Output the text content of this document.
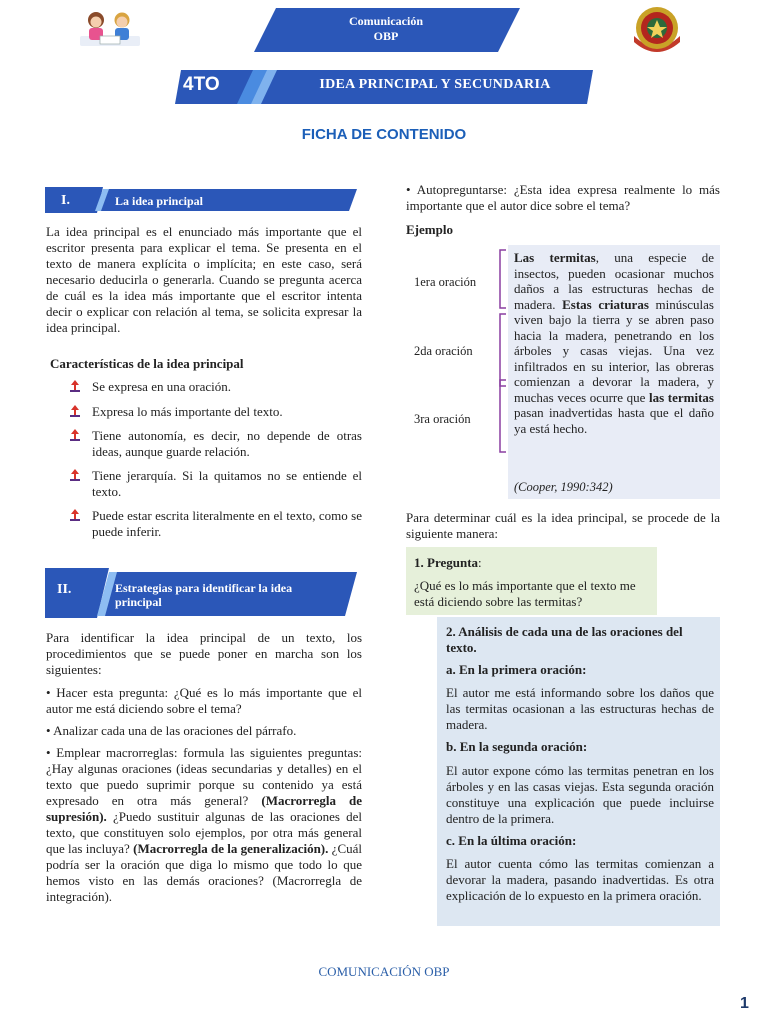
Comunicación
OBP
4TO	IDEA PRINCIPAL Y SECUNDARIA
FICHA DE CONTENIDO
I.	La idea principal
La idea principal es el enunciado más importante que el escritor presenta para explicar el tema. Se presenta en el texto de manera explícita o implícita; en este caso, será necesario deducirla o generarla. Cuando se pregunta acerca de cuál es la idea más importante que el escritor intenta decir o explicar con relación al tema, se solicita expresar la idea principal.
Características de la idea principal
Se expresa en una oración.
Expresa lo más importante del texto.
Tiene autonomía, es decir, no depende de otras ideas, aunque guarde relación.
Tiene jerarquía. Si la quitamos no se entiende el texto.
Puede estar escrita literalmente en el texto, como se puede inferir.
II.	Estrategias para identificar la idea principal
Para identificar la idea principal de un texto, los procedimientos que se puede poner en marcha son los siguientes:
• Hacer esta pregunta: ¿Qué es lo más importante que el autor me está diciendo sobre el tema?
• Analizar cada una de las oraciones del párrafo.
• Emplear macrorreglas: formula las siguientes preguntas: ¿Hay algunas oraciones (ideas secundarias y detalles) en el texto que puedo suprimir porque su contenido ya está expresado en otra más general? (Macrorregla de supresión). ¿Puedo sustituir algunas de las oraciones del texto, que constituyen solo ejemplos, por otra más general que las incluya? (Macrorregla de la generalización). ¿Cuál podría ser la oración que diga lo mismo que todo lo que hemos visto en las demás oraciones? (Macrorregla de integración).
• Autopreguntarse: ¿Esta idea expresa realmente lo más importante que el autor dice sobre el tema?
Ejemplo
1era oración
2da oración
3ra oración
Las termitas, una especie de insectos, pueden ocasionar muchos daños a las estructuras hechas de madera. Estas criaturas minúsculas viven bajo la tierra y se abren paso hacia la madera, penetrando en los árboles y casas viejas. Una vez infiltrados en su interior, las obreras comienzan a devorar la madera, y muchas veces ocurre que las termitas pasan inadvertidas hasta que el daño ya está hecho.
(Cooper, 1990:342)
Para determinar cuál es la idea principal, se procede de la siguiente manera:
1. Pregunta:
¿Qué es lo más importante que el texto me está diciendo sobre las termitas?
2. Análisis de cada una de las oraciones del texto.
a. En la primera oración:
El autor me está informando sobre los daños que las termitas ocasionan a las estructuras hechas de madera.
b. En la segunda oración:
El autor expone cómo las termitas penetran en los árboles y en las casas viejas. Esta segunda oración constituye una explicación que puede incluirse dentro de la primera.
c. En la última oración:
El autor cuenta cómo las termitas comienzan a devorar la madera, pasando inadvertidas. Es otra explicación de lo expuesto en la primera oración.
COMUNICACIÓN OBP
1
